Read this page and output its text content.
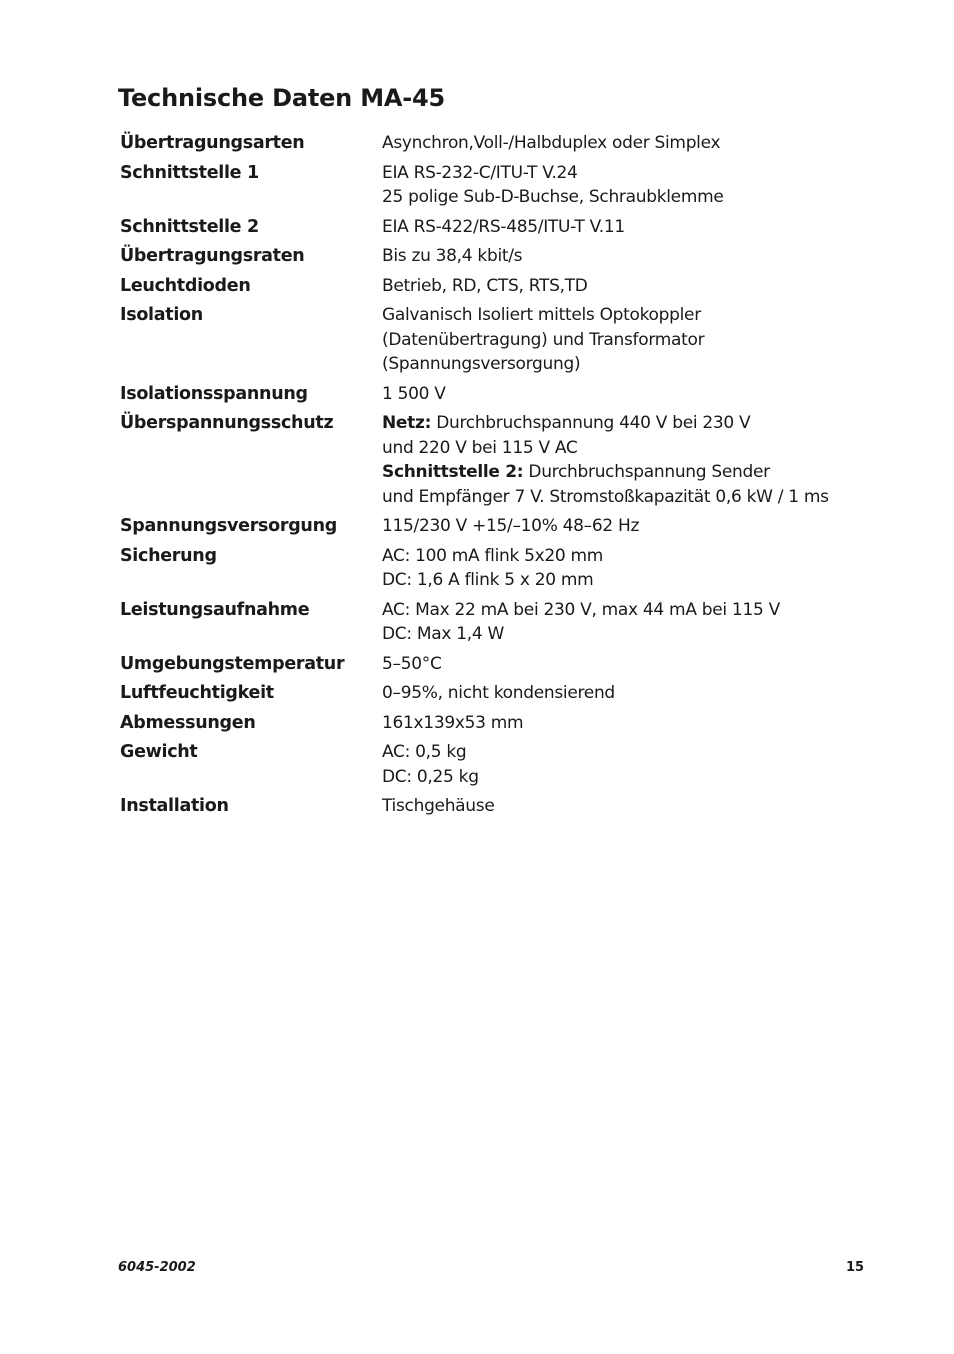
Technische Daten MA-45
Übertragungsarten	Asynchron,Voll-/Halbduplex oder Simplex
Schnittstelle 1	EIA RS-232-C/ITU-T V.24
25 polige Sub-D-Buchse, Schraubklemme
Schnittstelle 2	EIA RS-422/RS-485/ITU-T V.11
Übertragungsraten	Bis zu 38,4 kbit/s
Leuchtdioden	Betrieb, RD, CTS, RTS,TD
Isolation	Galvanisch Isoliert mittels Optokoppler
(Datenübertragung) und Transformator
(Spannungsversorgung)
Isolationsspannung	1 500 V
Überspannungsschutz	Netz: Durchbruchspannung 440 V bei 230 V
und 220 V bei 115 V AC
Schnittstelle 2: Durchbruchspannung Sender
und Empfänger 7 V. Stromstoßkapazität 0,6 kW / 1 ms
Spannungsversorgung	115/230 V +15/–10% 48–62 Hz
Sicherung	AC: 100 mA flink 5x20 mm
DC: 1,6 A flink 5 x 20 mm
Leistungsaufnahme	AC: Max 22 mA bei 230 V, max 44 mA bei 115 V
DC: Max 1,4 W
Umgebungstemperatur	5–50°C
Luftfeuchtigkeit	0–95%, nicht kondensierend
Abmessungen	161x139x53 mm
Gewicht	AC: 0,5 kg
DC: 0,25 kg
Installation	Tischgehäuse
6045-2002	15
